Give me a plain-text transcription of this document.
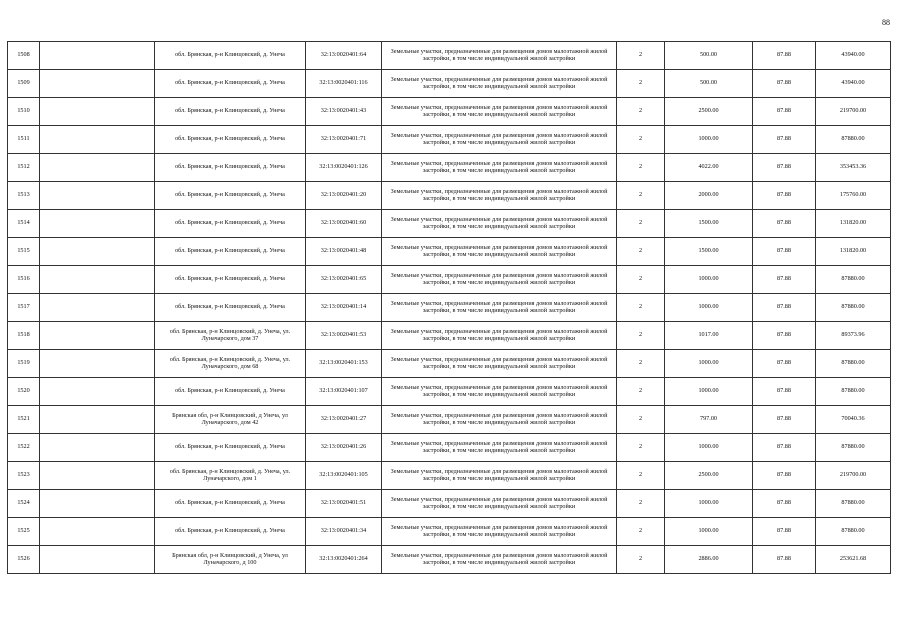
88
1508		обл. Брянская, р-н Клинцовский, д. Унеча	32:13:0020401:64	Земельные участки, предназначенные для размещения домов малоэтажной жилой застройки, в том числе индивидуальной жилой застройки	2	500.00	87.88	43940.00
1509		обл. Брянская, р-н Клинцовский, д. Унеча	32:13:0020401:116	Земельные участки, предназначенные для размещения домов малоэтажной жилой застройки, в том числе индивидуальной жилой застройки	2	500.00	87.88	43940.00
1510		обл. Брянская, р-н Клинцовский, д. Унеча	32:13:0020401:43	Земельные участки, предназначенные для размещения домов малоэтажной жилой застройки, в том числе индивидуальной жилой застройки	2	2500.00	87.88	219700.00
1511		обл. Брянская, р-н Клинцовский, д. Унеча	32:13:0020401:71	Земельные участки, предназначенные для размещения домов малоэтажной жилой застройки, в том числе индивидуальной жилой застройки	2	1000.00	87.88	87880.00
1512		обл. Брянская, р-н Клинцовский, д. Унеча	32:13:0020401:126	Земельные участки, предназначенные для размещения домов малоэтажной жилой застройки, в том числе индивидуальной жилой застройки	2	4022.00	87.88	353453.36
1513		обл. Брянская, р-н Клинцовский, д. Унеча	32:13:0020401:20	Земельные участки, предназначенные для размещения домов малоэтажной жилой застройки, в том числе индивидуальной жилой застройки	2	2000.00	87.88	175760.00
1514		обл. Брянская, р-н Клинцовский, д. Унеча	32:13:0020401:60	Земельные участки, предназначенные для размещения домов малоэтажной жилой застройки, в том числе индивидуальной жилой застройки	2	1500.00	87.88	131820.00
1515		обл. Брянская, р-н Клинцовский, д. Унеча	32:13:0020401:48	Земельные участки, предназначенные для размещения домов малоэтажной жилой застройки, в том числе индивидуальной жилой застройки	2	1500.00	87.88	131820.00
1516		обл. Брянская, р-н Клинцовский, д. Унеча	32:13:0020401:65	Земельные участки, предназначенные для размещения домов малоэтажной жилой застройки, в том числе индивидуальной жилой застройки	2	1000.00	87.88	87880.00
1517		обл. Брянская, р-н Клинцовский, д. Унеча	32:13:0020401:14	Земельные участки, предназначенные для размещения домов малоэтажной жилой застройки, в том числе индивидуальной жилой застройки	2	1000.00	87.88	87880.00
1518		обл. Брянская, р-н Клинцовский, д. Унеча, ул. Луначарского, дом 37	32:13:0020401:53	Земельные участки, предназначенные для размещения домов малоэтажной жилой застройки, в том числе индивидуальной жилой застройки	2	1017.00	87.88	89373.96
1519		обл. Брянская, р-н Клинцовский, д. Унеча, ул. Луначарского, дом 68	32:13:0020401:153	Земельные участки, предназначенные для размещения домов малоэтажной жилой застройки, в том числе индивидуальной жилой застройки	2	1000.00	87.88	87880.00
1520		обл. Брянская, р-н Клинцовский, д. Унеча	32:13:0020401:107	Земельные участки, предназначенные для размещения домов малоэтажной жилой застройки, в том числе индивидуальной жилой застройки	2	1000.00	87.88	87880.00
1521		Брянская обл, р-н Клинцовский, д Унеча, ул Луначарского, дом 42	32:13:0020401:27	Земельные участки, предназначенные для размещения домов малоэтажной жилой застройки, в том числе индивидуальной жилой застройки	2	797.00	87.88	70040.36
1522		обл. Брянская, р-н Клинцовский, д. Унеча	32:13:0020401:26	Земельные участки, предназначенные для размещения домов малоэтажной жилой застройки, в том числе индивидуальной жилой застройки	2	1000.00	87.88	87880.00
1523		обл. Брянская, р-н Клинцовский, д. Унеча, ул. Луначарского, дом 1	32:13:0020401:105	Земельные участки, предназначенные для размещения домов малоэтажной жилой застройки, в том числе индивидуальной жилой застройки	2	2500.00	87.88	219700.00
1524		обл. Брянская, р-н Клинцовский, д. Унеча	32:13:0020401:51	Земельные участки, предназначенные для размещения домов малоэтажной жилой застройки, в том числе индивидуальной жилой застройки	2	1000.00	87.88	87880.00
1525		обл. Брянская, р-н Клинцовский, д. Унеча	32:13:0020401:34	Земельные участки, предназначенные для размещения домов малоэтажной жилой застройки, в том числе индивидуальной жилой застройки	2	1000.00	87.88	87880.00
1526		Брянская обл, р-н Клинцовский, д Унеча, ул Луначарского, д 100	32:13:0020401:264	Земельные участки, предназначенные для размещения домов малоэтажной жилой застройки, в том числе индивидуальной жилой застройки	2	2886.00	87.88	253621.68
